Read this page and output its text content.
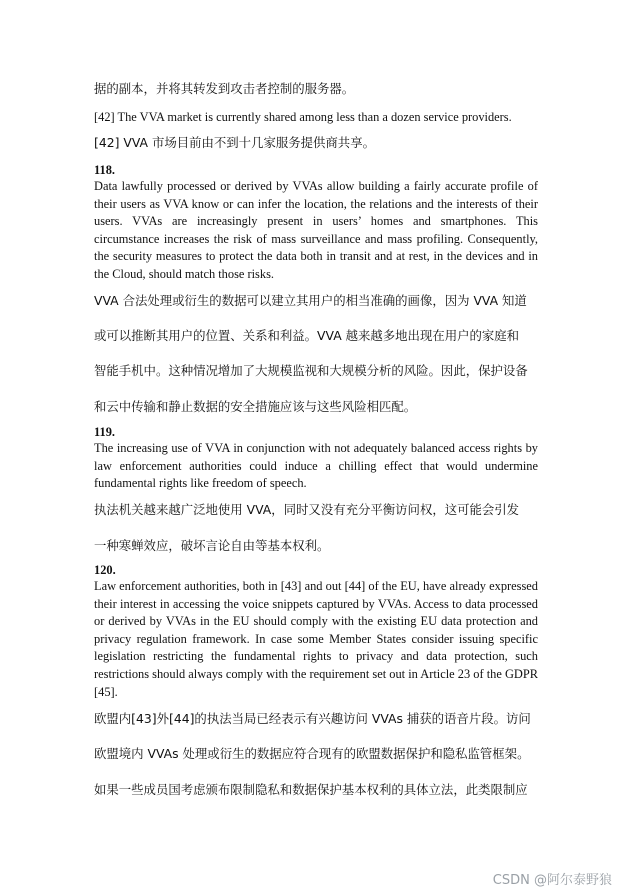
据的副本，并将其转发到攻击者控制的服务器。
[42] The VVA market is currently shared among less than a dozen service providers.
[42] VVA 市场目前由不到十几家服务提供商共享。
118.
Data lawfully processed or derived by VVAs allow building a fairly accurate profile of their users as VVA know or can infer the location, the relations and the interests of their users. VVAs are increasingly present in users’ homes and smartphones. This circumstance increases the risk of mass surveillance and mass profiling. Consequently, the security measures to protect the data both in transit and at rest, in the devices and in the Cloud, should match those risks.
VVA 合法处理或衍生的数据可以建立其用户的相当准确的画像，因为 VVA 知道
或可以推断其用户的位置、关系和利益。VVA 越来越多地出现在用户的家庭和
智能手机中。这种情况增加了大规模监视和大规模分析的风险。因此，保护设备
和云中传输和静止数据的安全措施应该与这些风险相匹配。
119.
The increasing use of VVA in conjunction with not adequately balanced access rights by law enforcement authorities could induce a chilling effect that would undermine fundamental rights like freedom of speech.
执法机关越来越广泛地使用 VVA，同时又没有充分平衡访问权，这可能会引发
一种寒蝉效应，破坏言论自由等基本权利。
120.
Law enforcement authorities, both in [43] and out [44] of the EU, have already expressed their interest in accessing the voice snippets captured by VVAs. Access to data processed or derived by VVAs in the EU should comply with the existing EU data protection and privacy regulation framework. In case some Member States consider issuing specific legislation restricting the fundamental rights to privacy and data protection, such restrictions should always comply with the requirement set out in Article 23 of the GDPR [45].
欧盟内[43]外[44]的执法当局已经表示有兴趣访问 VVAs 捕获的语音片段。访问
欧盟境内 VVAs 处理或衍生的数据应符合现有的欧盟数据保护和隐私监管框架。
如果一些成员国考虑颁布限制隐私和数据保护基本权利的具体立法，此类限制应
CSDN @阿尔泰野狼
